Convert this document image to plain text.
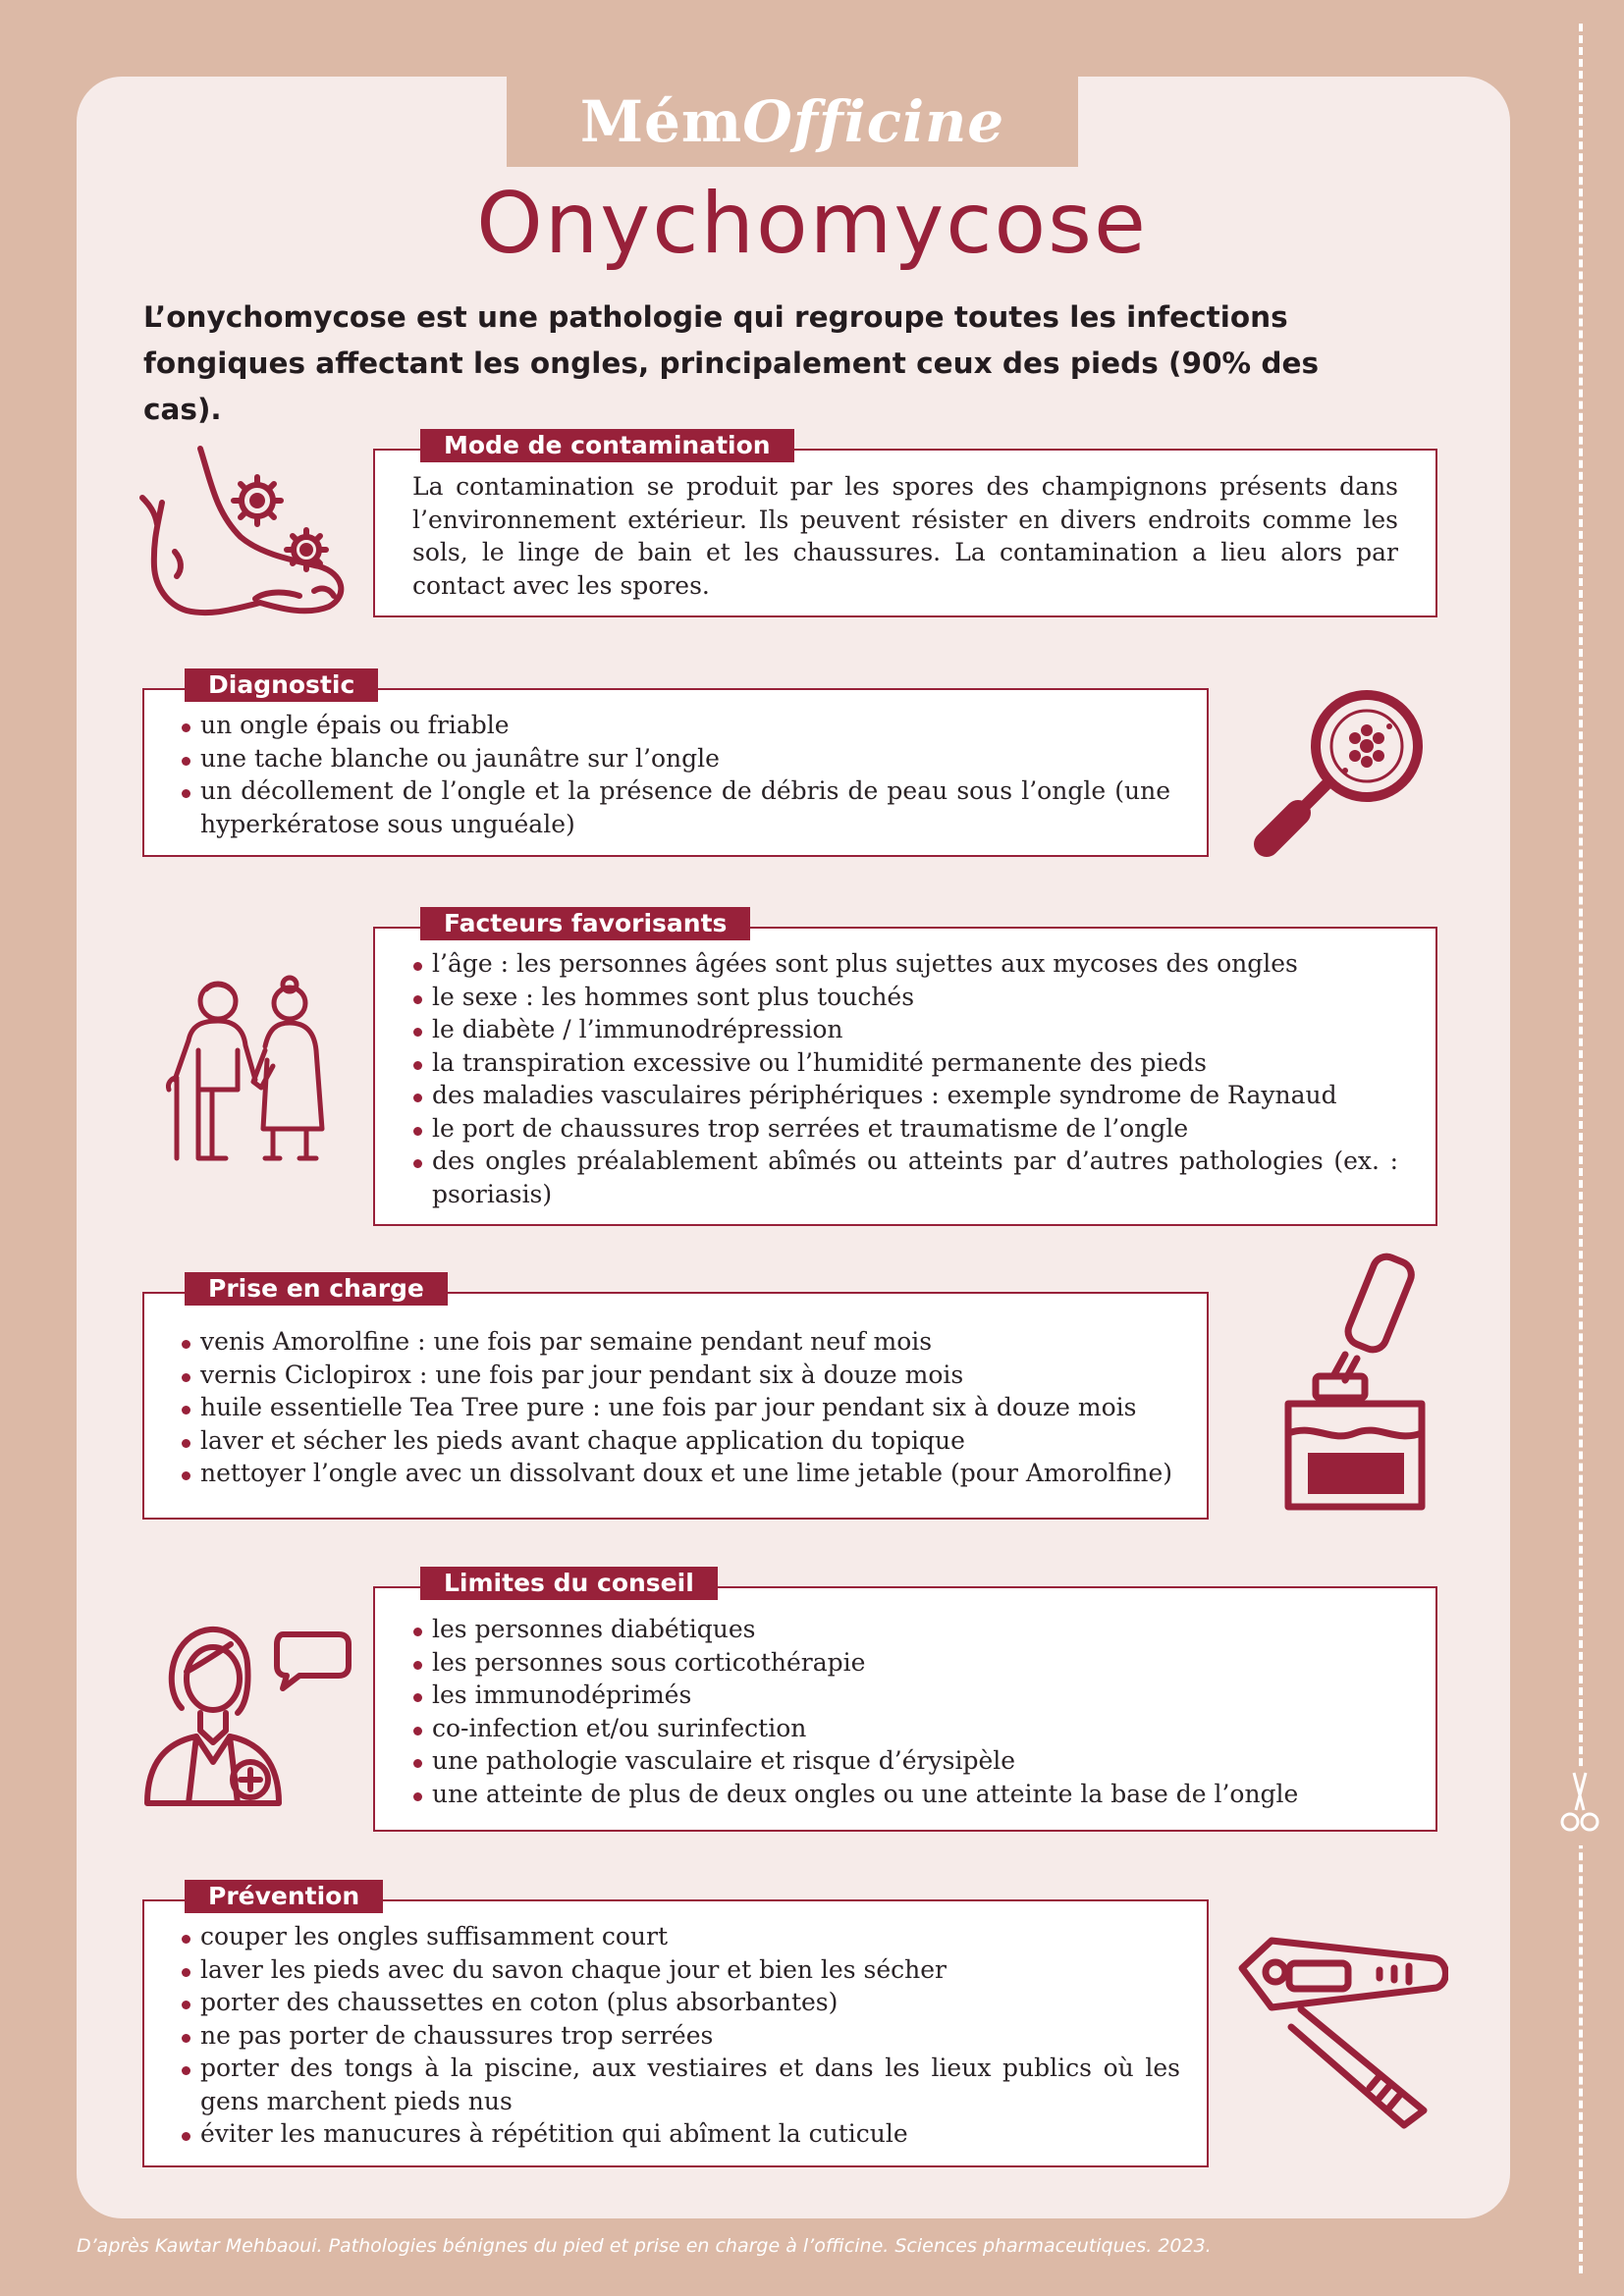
Mém Officine
Onychomycose
L’onychomycose est une pathologie qui regroupe toutes les infections fongiques affectant les ongles, principalement ceux des pieds (90% des cas).
Mode de contamination
La contamination se produit par les spores des champignons présents dans l’environnement extérieur. Ils peuvent résister en divers endroits comme les sols, le linge de bain et les chaussures. La contamination a lieu alors par contact avec les spores.
Diagnostic
un ongle épais ou friable
une tache blanche ou jaunâtre sur l’ongle
un décollement de l’ongle et la présence de débris de peau sous l’ongle (une hyperkératose sous unguéale)
Facteurs favorisants
l’âge : les personnes âgées sont plus sujettes aux mycoses des ongles
le sexe : les hommes sont plus touchés
le diabète / l’immunodrépression
la transpiration excessive ou l’humidité permanente des pieds
des maladies vasculaires périphériques : exemple syndrome de Raynaud
le port de chaussures trop serrées et traumatisme de l’ongle
des ongles préalablement abîmés ou atteints par d’autres pathologies (ex. : psoriasis)
Prise en charge
venis Amorolfine : une fois par semaine pendant neuf mois
vernis Ciclopirox : une fois par jour pendant six à douze mois
huile essentielle Tea Tree pure : une fois par jour pendant six à douze mois
laver et sécher les pieds avant chaque application du topique
nettoyer l’ongle avec un dissolvant doux et une lime jetable (pour Amorolfine)
Limites du conseil
les personnes diabétiques
les personnes sous corticothérapie
les immunodéprimés
co-infection et/ou surinfection
une pathologie vasculaire et risque d’érysipèle
une atteinte de plus de deux ongles ou une atteinte la base de l’ongle
Prévention
couper les ongles suffisamment court
laver les pieds avec du savon chaque jour et bien les sécher
porter des chaussettes en coton (plus absorbantes)
ne pas porter de chaussures trop serrées
porter des tongs à la piscine, aux vestiaires et dans les lieux publics où les gens marchent pieds nus
éviter les manucures à répétition qui abîment la cuticule
D’après Kawtar Mehbaoui. Pathologies bénignes du pied et prise en charge à l’officine. Sciences pharmaceutiques. 2023.
